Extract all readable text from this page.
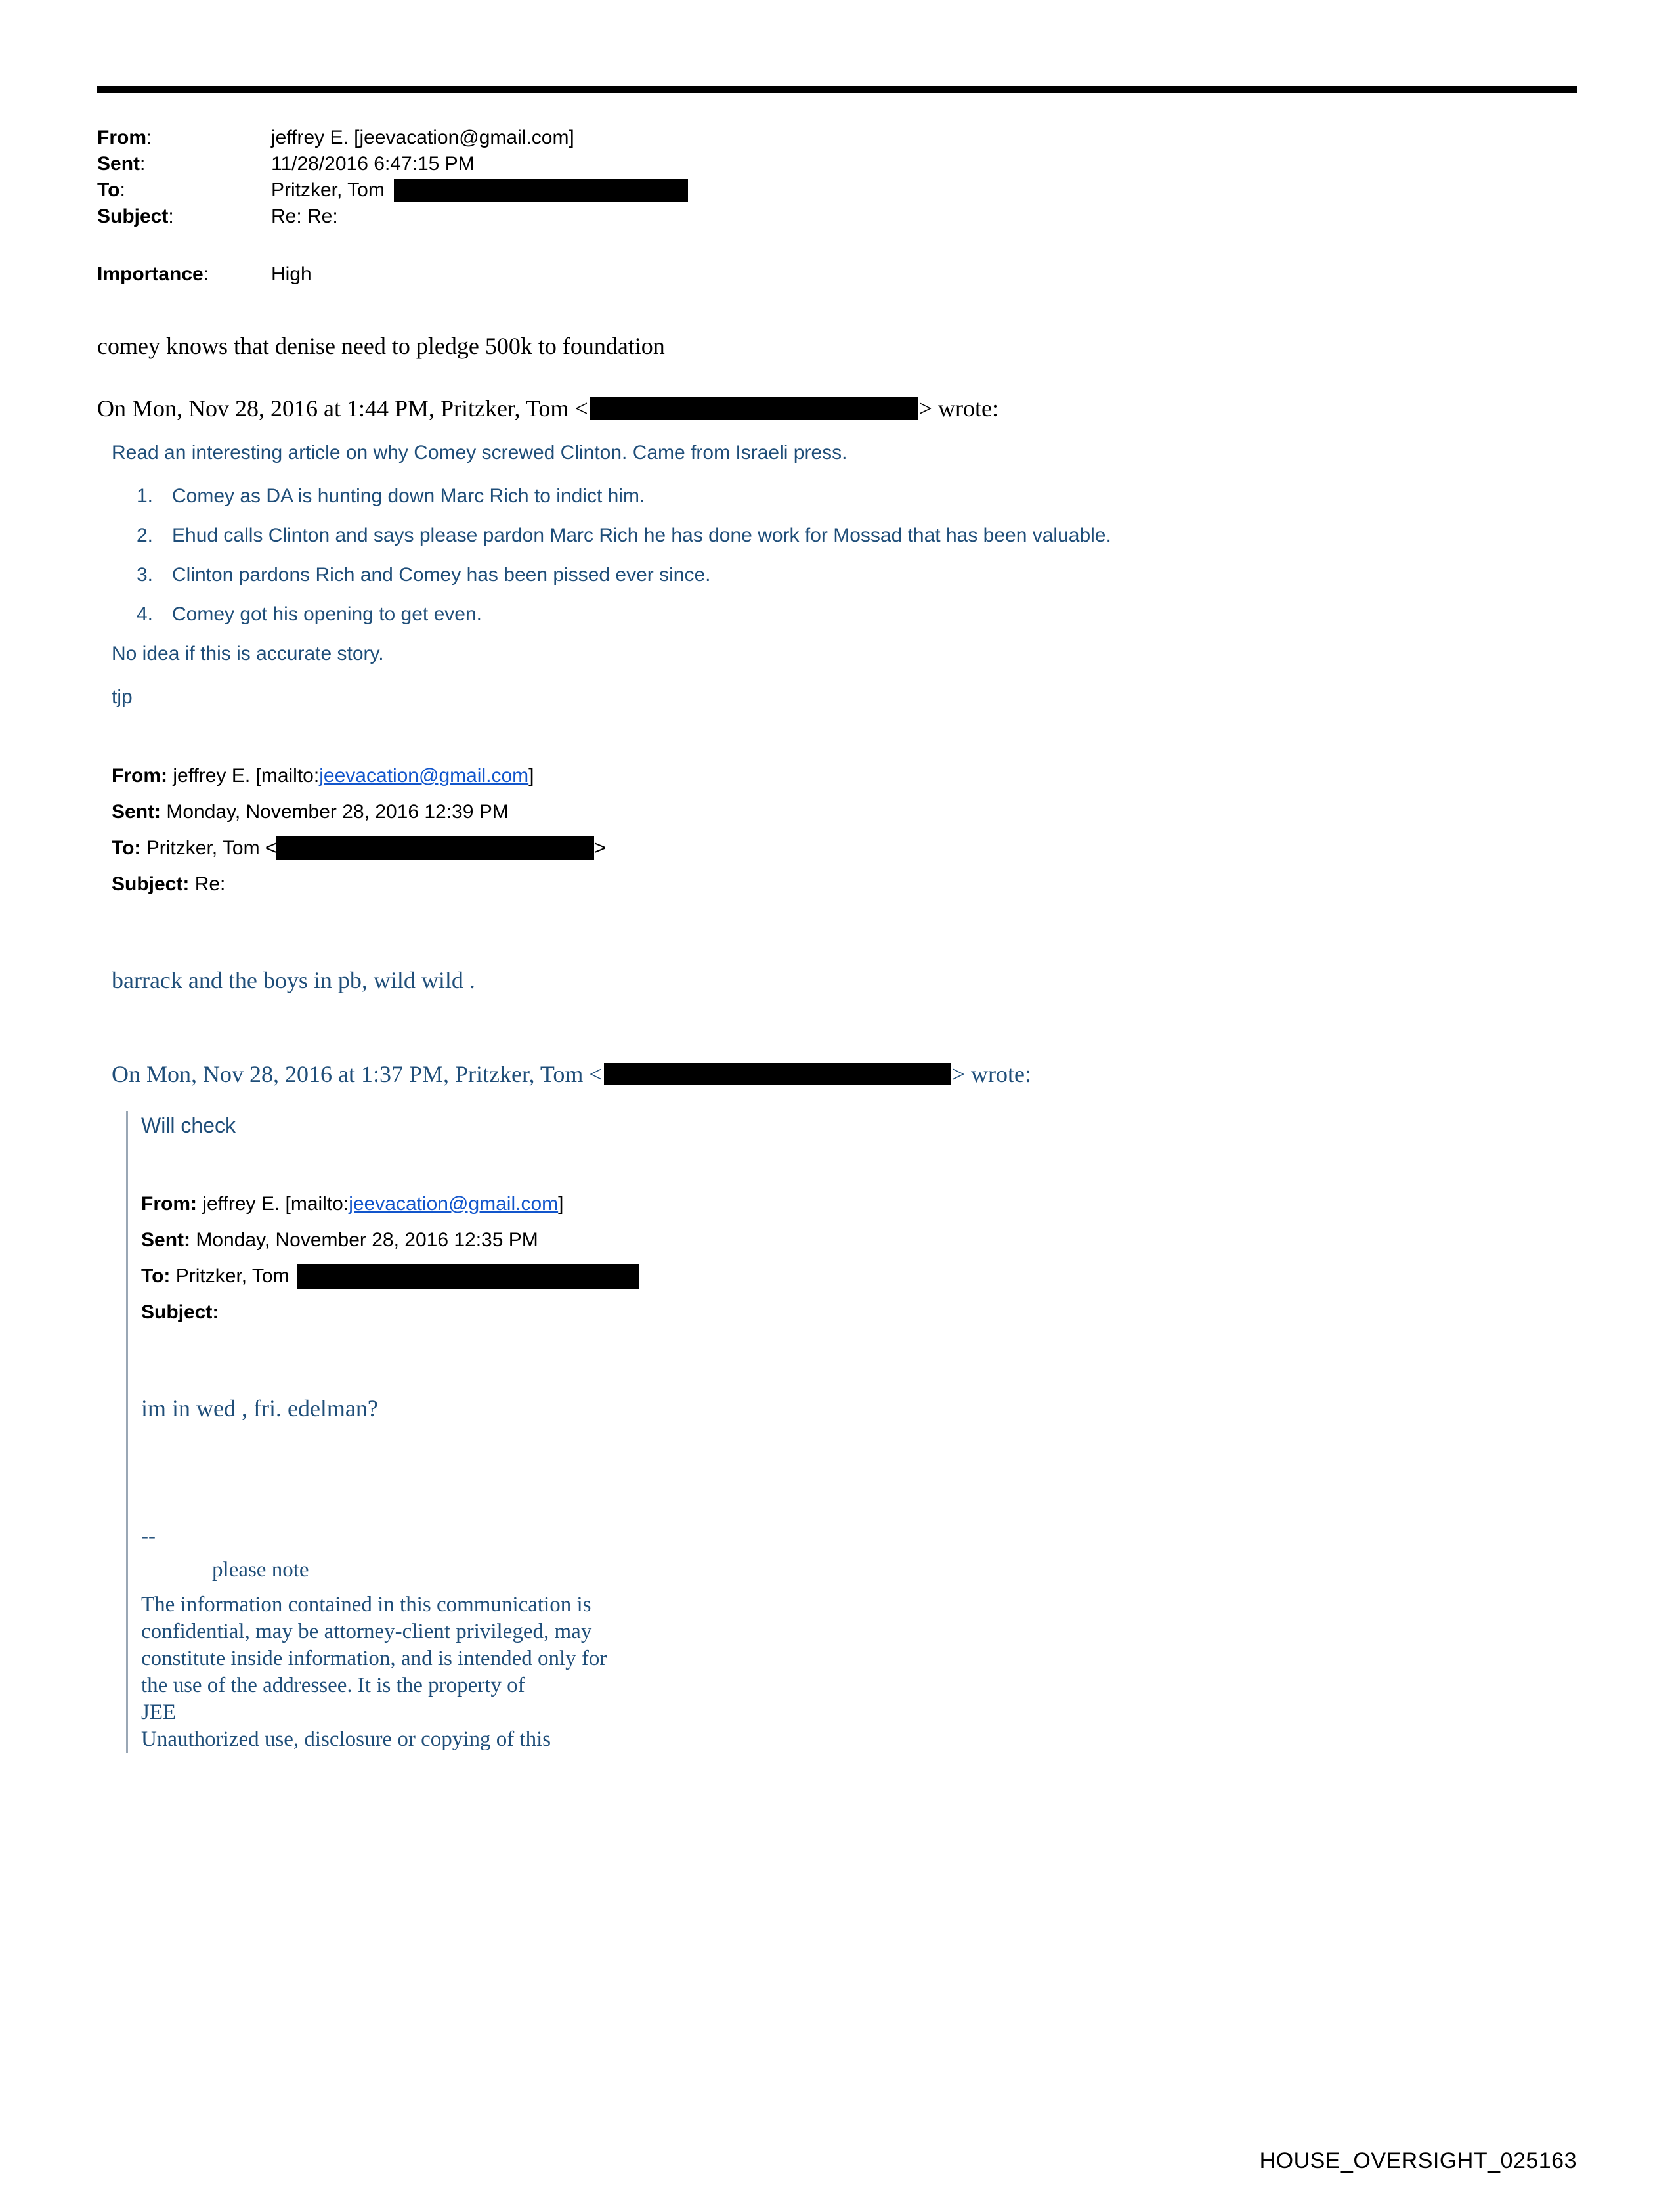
From:	jeffrey E. [jeevacation@gmail.com]
Sent:	11/28/2016 6:47:15 PM
To:	Pritzker, Tom
Subject:	Re: Re:
Importance:	High
comey knows that denise need to pledge 500k to foundation
On Mon, Nov 28, 2016 at 1:44 PM, Pritzker, Tom <	> wrote:

Read an interesting article on why Comey screwed Clinton. Came from Israeli press.

1. Comey as DA is hunting down Marc Rich to indict him.
2. Ehud calls Clinton and says please pardon Marc Rich he has done work for Mossad that has been valuable.
3. Clinton pardons Rich and Comey has been pissed ever since.
4. Comey got his opening to get even.

No idea if this is accurate story.

tjp

From:
jeffrey E. [mailto: jeevacation@gmail.com ]
Sent:
Monday, November 28, 2016 12:39 PM
To:
Pritzker, Tom <	>
Subject:
Re:
barrack and the boys in pb, wild wild .
On Mon, Nov 28, 2016 at 1:37 PM, Pritzker, Tom <	> wrote:
Will check
From:
jeffrey E. [mailto: jeevacation@gmail.com ]
Sent:
Monday, November 28, 2016 12:35 PM
To:
Pritzker, Tom
Subject:

im in wed , fri. edelman?
--
please note
The information contained in this communication is
confidential, may be attorney-client privileged, may
constitute inside information, and is intended only for
the use of the addressee. It is the property of
JEE
Unauthorized use, disclosure or copying of this
HOUSE_OVERSIGHT_025163
